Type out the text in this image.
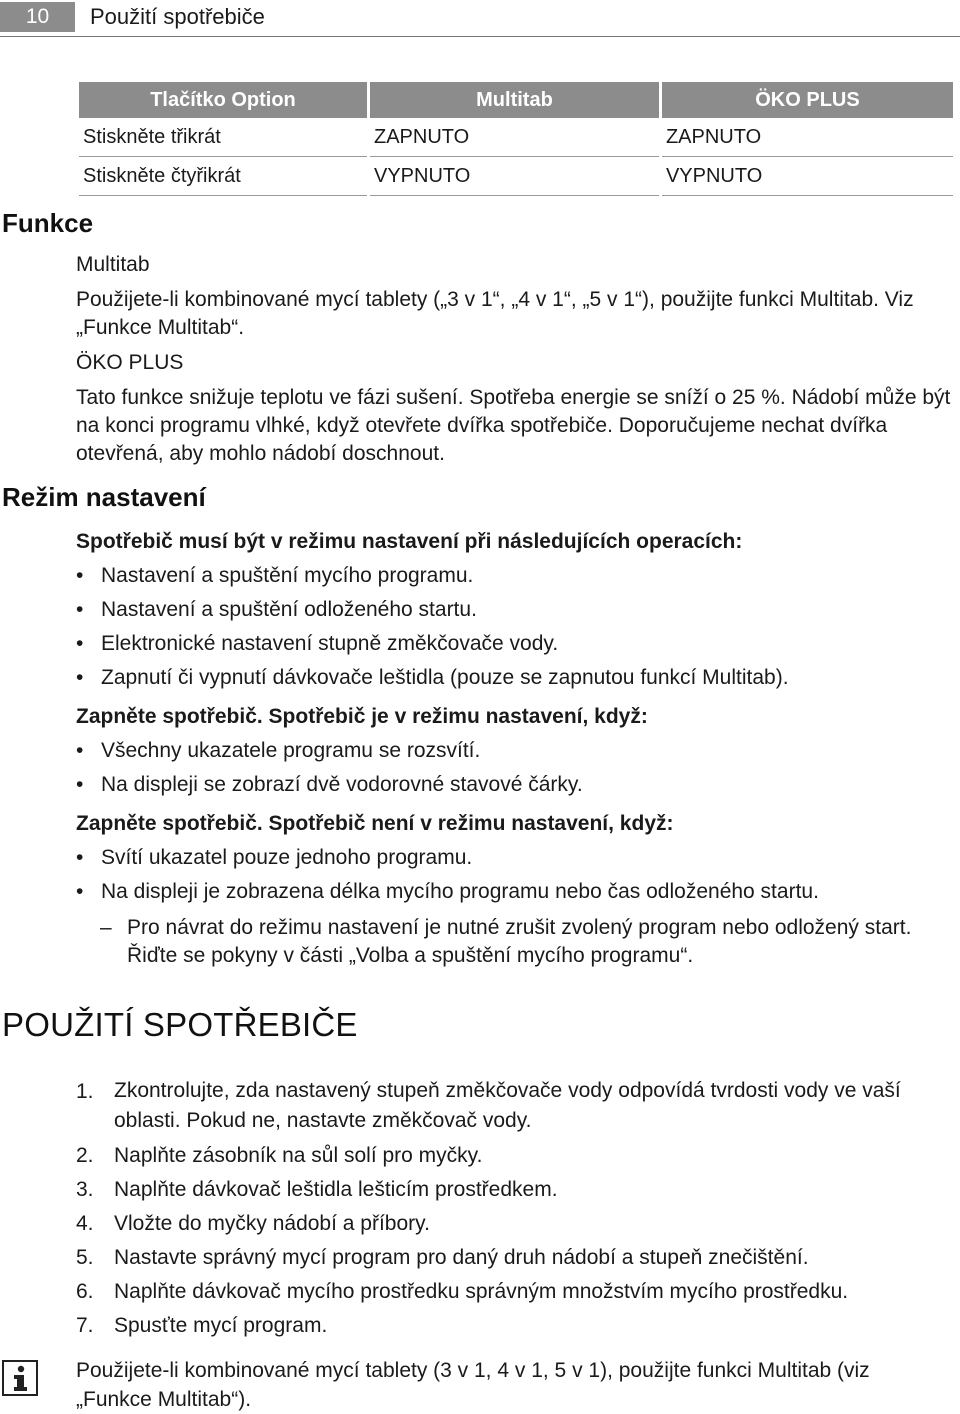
10	Použití spotřebiče
Tlačítko Option	Multitab	ÖKO PLUS
Stiskněte třikrát	ZAPNUTO	ZAPNUTO
Stiskněte čtyřikrát	VYPNUTO	VYPNUTO
Funkce
Multitab
Použijete-li kombinované mycí tablety („3 v 1“, „4 v 1“, „5 v 1“), použijte funkci Multitab. Viz „Funkce Multitab“.
ÖKO PLUS
Tato funkce snižuje teplotu ve fázi sušení. Spotřeba energie se sníží o 25 %. Nádobí může být na konci programu vlhké, když otevřete dvířka spotřebiče. Doporučujeme nechat dvířka otevřená, aby mohlo nádobí doschnout.
Režim nastavení
Spotřebič musí být v režimu nastavení při následujících operacích:
• Nastavení a spuštění mycího programu.
• Nastavení a spuštění odloženého startu.
• Elektronické nastavení stupně změkčovače vody.
• Zapnutí či vypnutí dávkovače leštidla (pouze se zapnutou funkcí Multitab).
Zapněte spotřebič. Spotřebič je v režimu nastavení, když:
• Všechny ukazatele programu se rozsvítí.
• Na displeji se zobrazí dvě vodorovné stavové čárky.
Zapněte spotřebič. Spotřebič není v režimu nastavení, když:
• Svítí ukazatel pouze jednoho programu.
• Na displeji je zobrazena délka mycího programu nebo čas odloženého startu.
– Pro návrat do režimu nastavení je nutné zrušit zvolený program nebo odložený start. Řiďte se pokyny v části „Volba a spuštění mycího programu“.
POUŽITÍ SPOTŘEBIČE
1. Zkontrolujte, zda nastavený stupeň změkčovače vody odpovídá tvrdosti vody ve vaší oblasti. Pokud ne, nastavte změkčovač vody.
2. Naplňte zásobník na sůl solí pro myčky.
3. Naplňte dávkovač leštidla lešticím prostředkem.
4. Vložte do myčky nádobí a příbory.
5. Nastavte správný mycí program pro daný druh nádobí a stupeň znečištění.
6. Naplňte dávkovač mycího prostředku správným množstvím mycího prostředku.
7. Spusťte mycí program.
Použijete-li kombinované mycí tablety (3 v 1, 4 v 1, 5 v 1), použijte funkci Multitab (viz „Funkce Multitab“).
